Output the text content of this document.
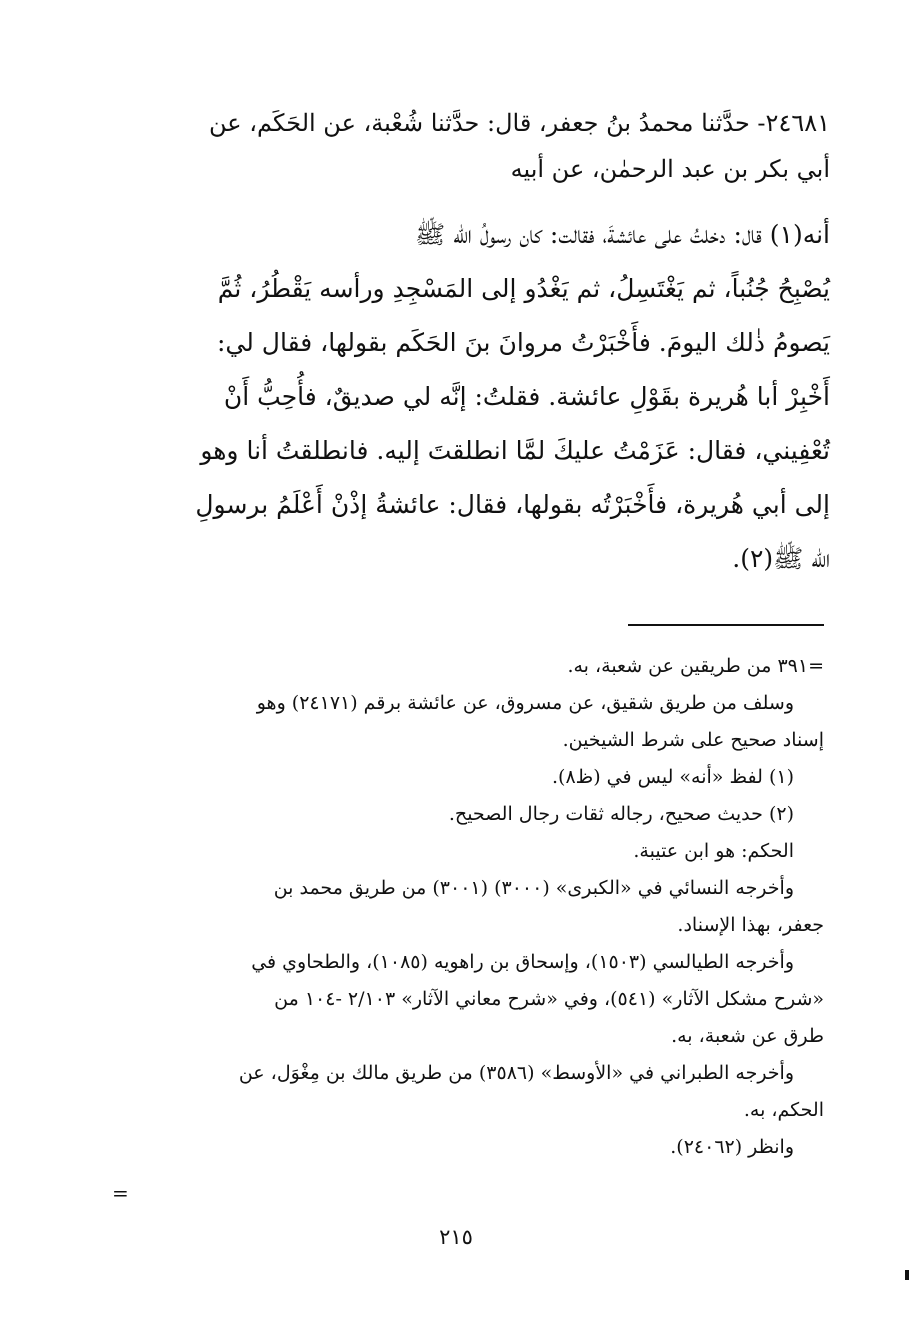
٢٤٦٨١- حدَّثنا محمدُ بنُ جعفر، قال: حدَّثنا شُعْبة، عن الحَكَم، عن
أبي بكر بن عبد الرحمٰن، عن أبيه
أنه(١) قال: دخلتُ على عائشةَ، فقالت: كان رسولُ الله ﷺ
يُصْبِحُ جُنُباً، ثم يَغْتَسِلُ، ثم يَغْدُو إلى المَسْجِدِ ورأسه يَقْطُرُ، ثُمَّ
يَصومُ ذٰلك اليومَ. فأَخْبَرْتُ مروانَ بنَ الحَكَم بقولها، فقال لي:
أَخْبِرْ أبا هُريرة بقَوْلِ عائشة. فقلتُ: إنَّه لي صديقٌ، فأُحِبُّ أَنْ
تُعْفِيني، فقال: عَزَمْتُ عليكَ لمَّا انطلقتَ إليه. فانطلقتُ أنا وهو
إلى أبي هُريرة، فأَخْبَرْتُه بقولها، فقال: عائشةُ إذْنْ أَعْلَمُ برسولِ
الله ﷺ(٢).
=٣٩١ من طريقين عن شعبة، به.
وسلف من طريق شقيق، عن مسروق، عن عائشة برقم (٢٤١٧١) وهو
إسناد صحيح على شرط الشيخين.
(١) لفظ «أنه» ليس في (ظ٨).
(٢) حديث صحيح، رجاله ثقات رجال الصحيح.
الحكم: هو ابن عتيبة.
وأخرجه النسائي في «الكبرى» (٣٠٠٠) (٣٠٠١) من طريق محمد بن
جعفر، بهذا الإسناد.
وأخرجه الطيالسي (١٥٠٣)، وإسحاق بن راهويه (١٠٨٥)، والطحاوي في
«شرح مشكل الآثار» (٥٤١)، وفي «شرح معاني الآثار» ٢/١٠٣ -١٠٤ من
طرق عن شعبة، به.
وأخرجه الطبراني في «الأوسط» (٣٥٨٦) من طريق مالك بن مِغْوَل، عن
الحكم، به.
وانظر (٢٤٠٦٢).
=
٢١٥
